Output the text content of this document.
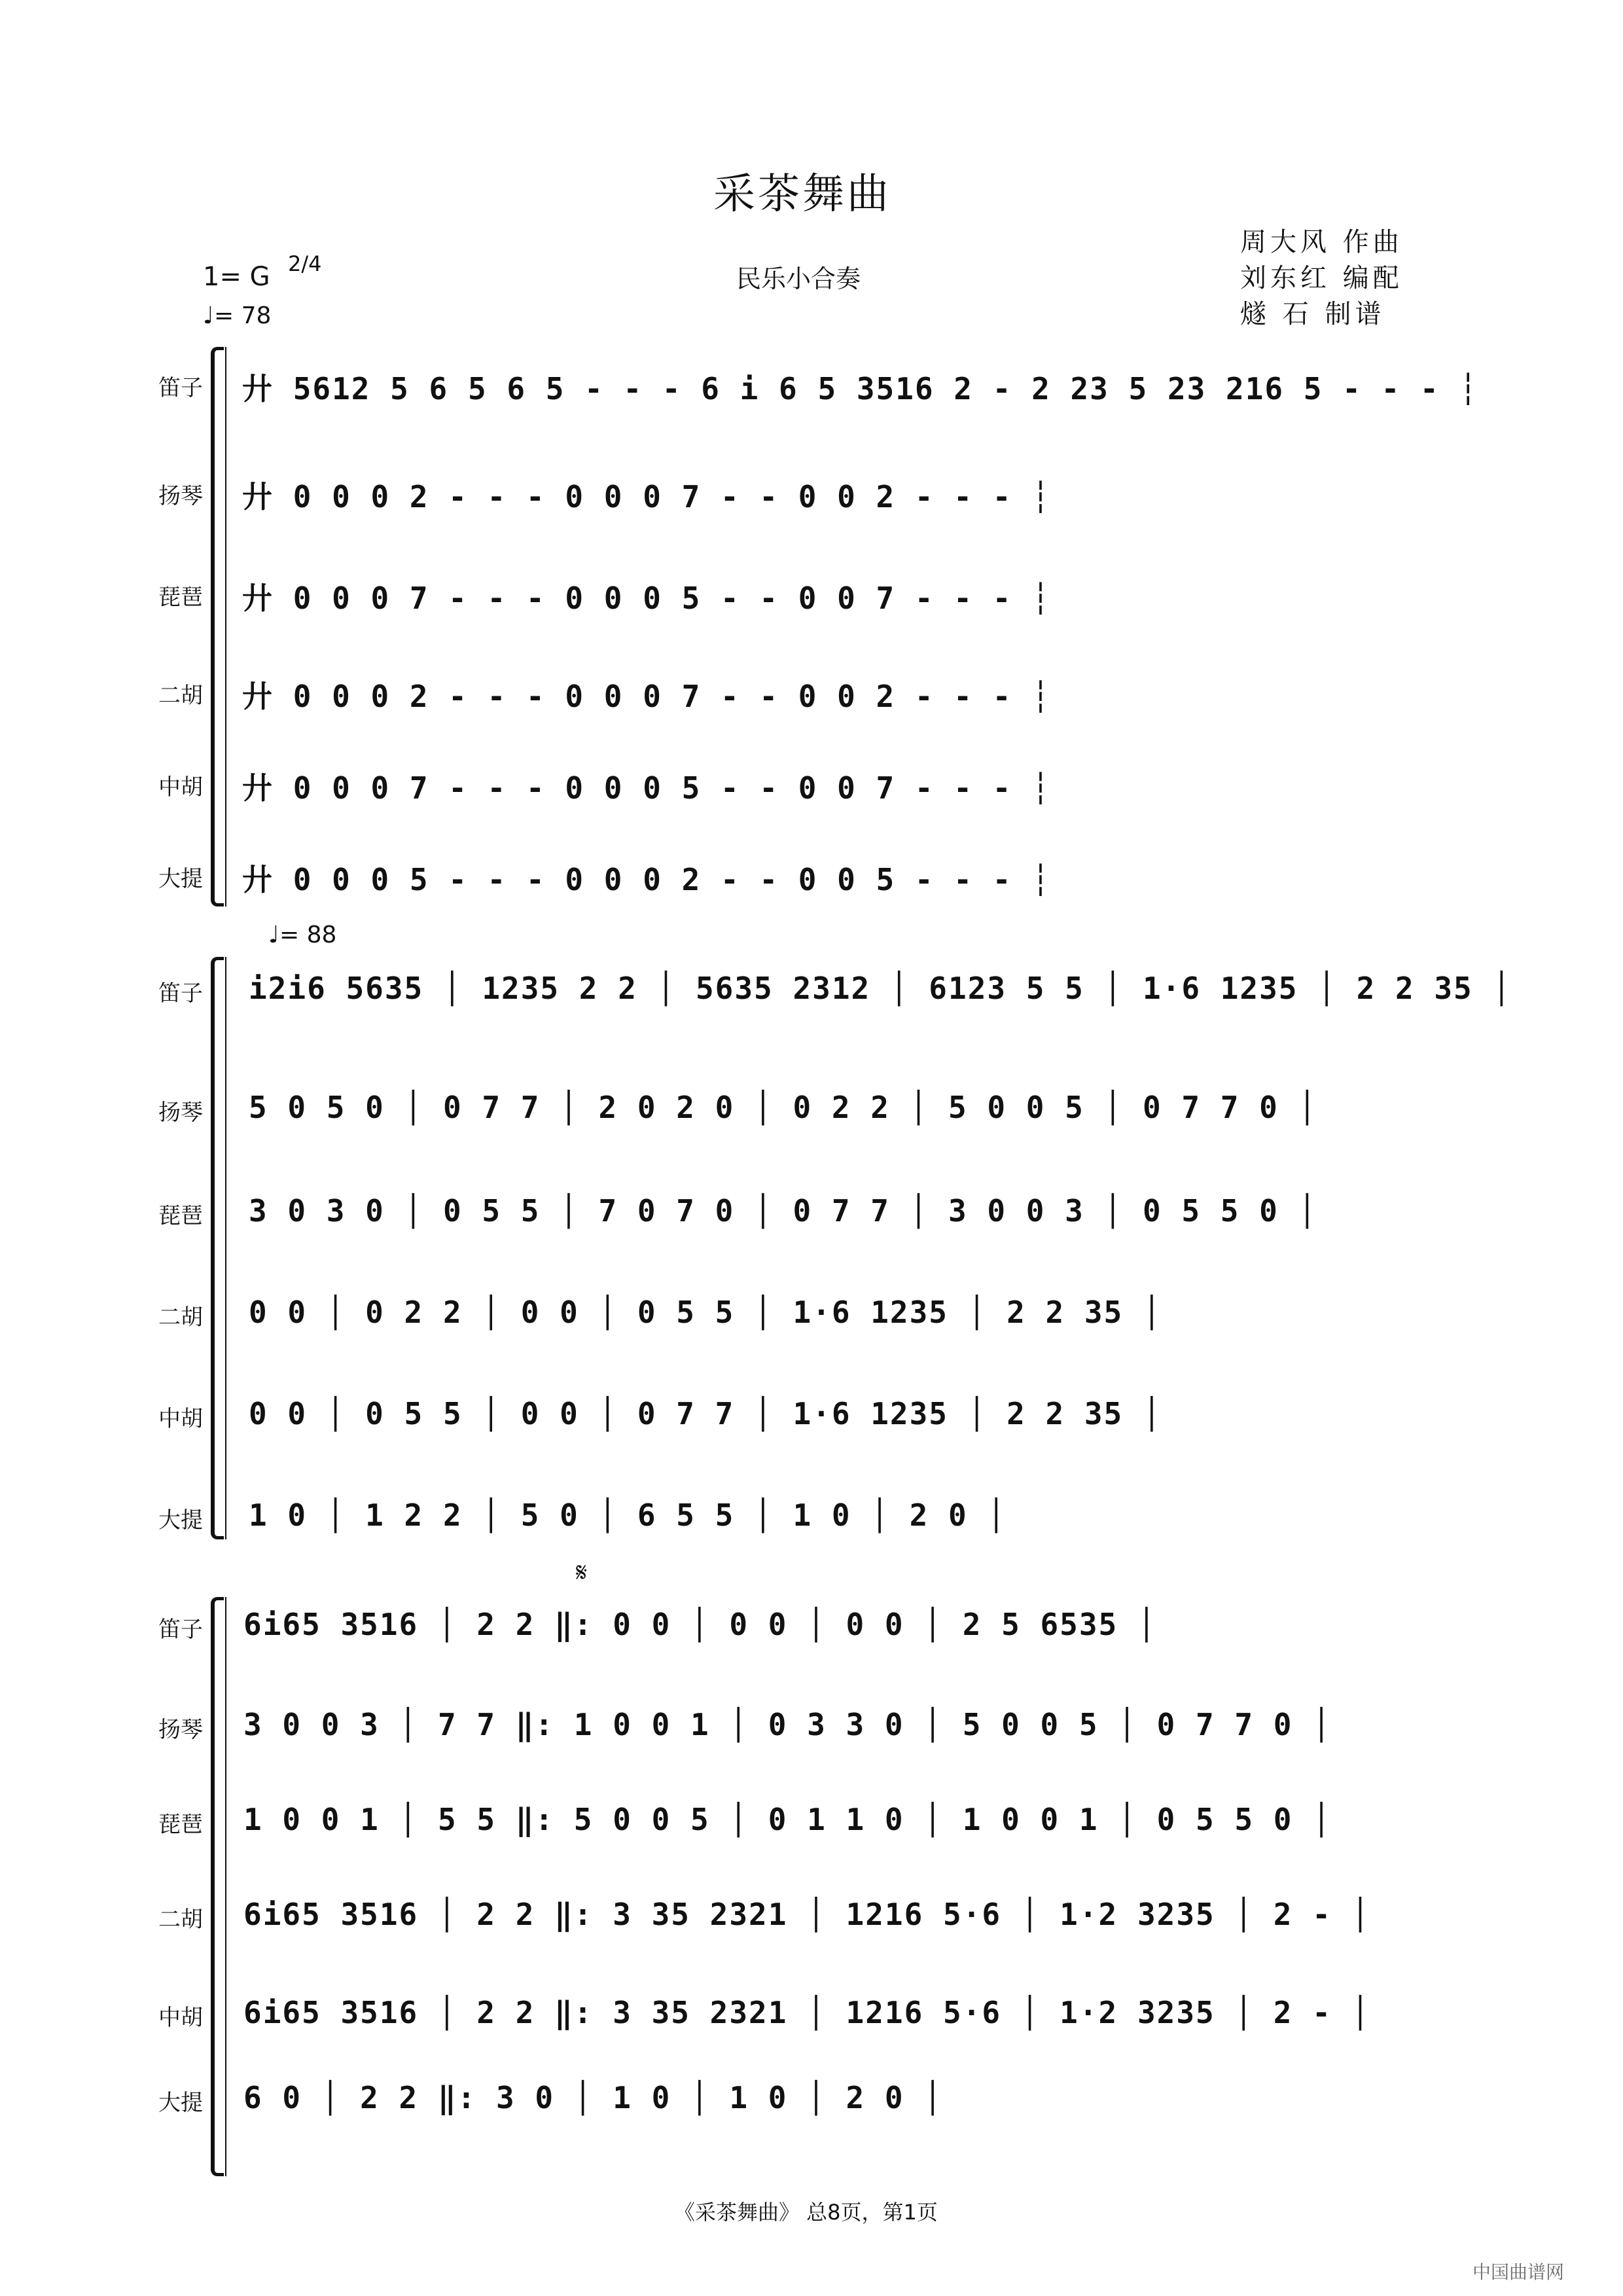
采茶舞曲
民乐小合奏
周大风 作曲
刘东红 编配
燧 石 制谱
1= G 2/4
♩= 78
笛子 廾 5612 5 6 5 6 5 - - - 6 i 6 5 3516 2 - 2 23 5 23 216 5 - - - ┆
扬琴 廾 0 0 0 2 - - - 0 0 0 7 - - 0 0 2 - - - ┆
琵琶 廾 0 0 0 7 - - - 0 0 0 5 - - 0 0 7 - - - ┆
二胡 廾 0 0 0 2 - - - 0 0 0 7 - - 0 0 2 - - - ┆
中胡 廾 0 0 0 7 - - - 0 0 0 5 - - 0 0 7 - - - ┆
大提 廾 0 0 0 5 - - - 0 0 0 2 - - 0 0 5 - - - ┆
♩= 88
笛子 i2i6 5635 │ 1235 2 2 │ 5635 2312 │ 6123 5 5 │ 1·6 1235 │ 2 2 35 │
扬琴 5 0 5 0 │ 0 7 7 │ 2 0 2 0 │ 0 2 2 │ 5 0 0 5 │ 0 7 7 0 │
琵琶 3 0 3 0 │ 0 5 5 │ 7 0 7 0 │ 0 7 7 │ 3 0 0 3 │ 0 5 5 0 │
二胡 0 0 │ 0 2 2 │ 0 0 │ 0 5 5 │ 1·6 1235 │ 2 2 35 │
中胡 0 0 │ 0 5 5 │ 0 0 │ 0 7 7 │ 1·6 1235 │ 2 2 35 │
大提 1 0 │ 1 2 2 │ 5 0 │ 6 5 5 │ 1 0 │ 2 0 │
𝄋
笛子 6i65 3516 │ 2 2 ‖: 0 0 │ 0 0 │ 0 0 │ 2 5 6535 │
扬琴 3 0 0 3 │ 7 7 ‖: 1 0 0 1 │ 0 3 3 0 │ 5 0 0 5 │ 0 7 7 0 │
琵琶 1 0 0 1 │ 5 5 ‖: 5 0 0 5 │ 0 1 1 0 │ 1 0 0 1 │ 0 5 5 0 │
二胡 6i65 3516 │ 2 2 ‖: 3 35 2321 │ 1216 5·6 │ 1·2 3235 │ 2 - │
中胡 6i65 3516 │ 2 2 ‖: 3 35 2321 │ 1216 5·6 │ 1·2 3235 │ 2 - │
大提 6 0 │ 2 2 ‖: 3 0 │ 1 0 │ 1 0 │ 2 0 │
《采茶舞曲》 总8页，第1页
中国曲谱网
